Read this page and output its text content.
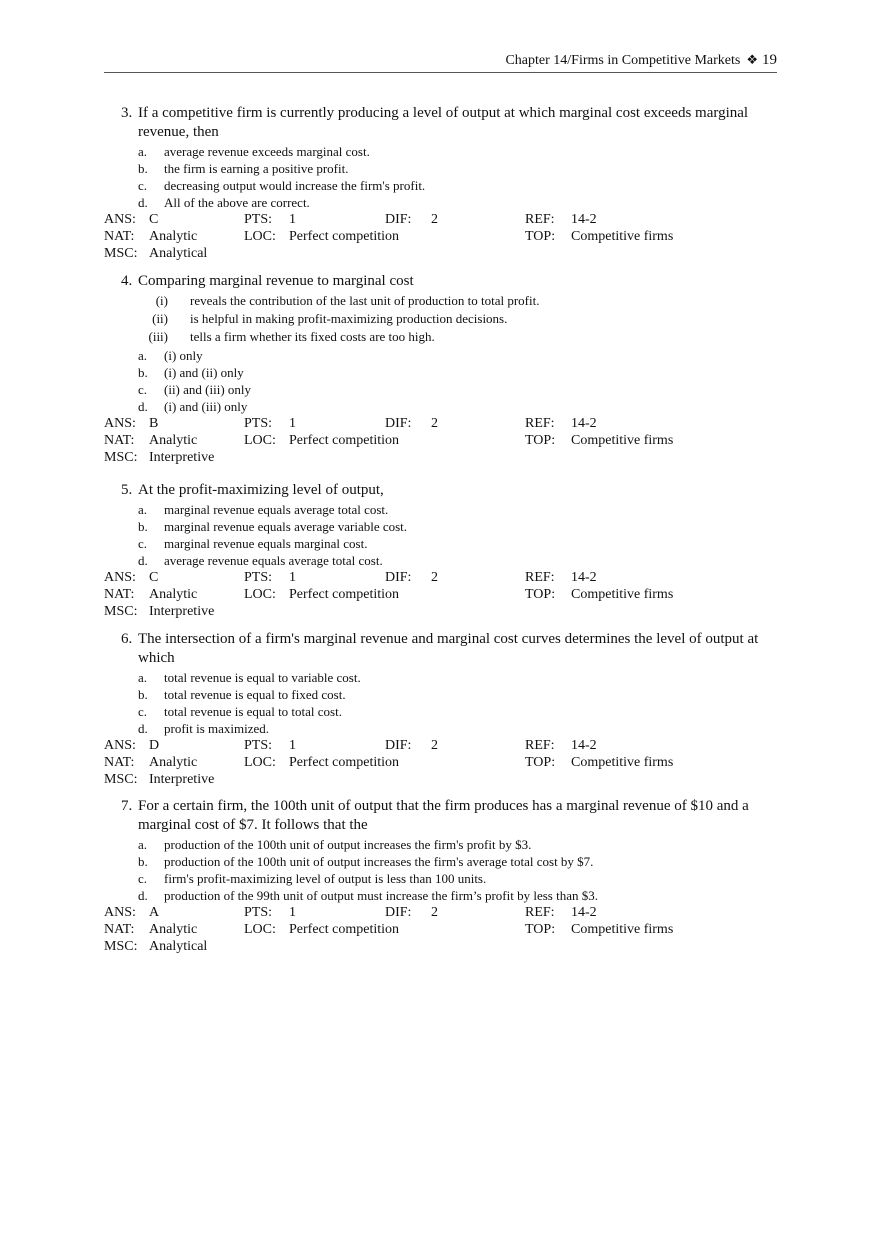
Chapter 14/Firms in Competitive Markets ❖ 19
3. If a competitive firm is currently producing a level of output at which marginal cost exceeds marginal revenue, then
a. average revenue exceeds marginal cost.
b. the firm is earning a positive profit.
c. decreasing output would increase the firm's profit.
d. All of the above are correct.
ANS: C	PTS: 1	DIF: 2	REF: 14-2
NAT: Analytic	LOC: Perfect competition	TOP: Competitive firms
MSC: Analytical
4. Comparing marginal revenue to marginal cost
(i) reveals the contribution of the last unit of production to total profit.
(ii) is helpful in making profit-maximizing production decisions.
(iii) tells a firm whether its fixed costs are too high.
a. (i) only
b. (i) and (ii) only
c. (ii) and (iii) only
d. (i) and (iii) only
ANS: B	PTS: 1	DIF: 2	REF: 14-2
NAT: Analytic	LOC: Perfect competition	TOP: Competitive firms
MSC: Interpretive
5. At the profit-maximizing level of output,
a. marginal revenue equals average total cost.
b. marginal revenue equals average variable cost.
c. marginal revenue equals marginal cost.
d. average revenue equals average total cost.
ANS: C	PTS: 1	DIF: 2	REF: 14-2
NAT: Analytic	LOC: Perfect competition	TOP: Competitive firms
MSC: Interpretive
6. The intersection of a firm's marginal revenue and marginal cost curves determines the level of output at which
a. total revenue is equal to variable cost.
b. total revenue is equal to fixed cost.
c. total revenue is equal to total cost.
d. profit is maximized.
ANS: D	PTS: 1	DIF: 2	REF: 14-2
NAT: Analytic	LOC: Perfect competition	TOP: Competitive firms
MSC: Interpretive
7. For a certain firm, the 100th unit of output that the firm produces has a marginal revenue of $10 and a marginal cost of $7. It follows that the
a. production of the 100th unit of output increases the firm's profit by $3.
b. production of the 100th unit of output increases the firm's average total cost by $7.
c. firm's profit-maximizing level of output is less than 100 units.
d. production of the 99th unit of output must increase the firm’s profit by less than $3.
ANS: A	PTS: 1	DIF: 2	REF: 14-2
NAT: Analytic	LOC: Perfect competition	TOP: Competitive firms
MSC: Analytical
